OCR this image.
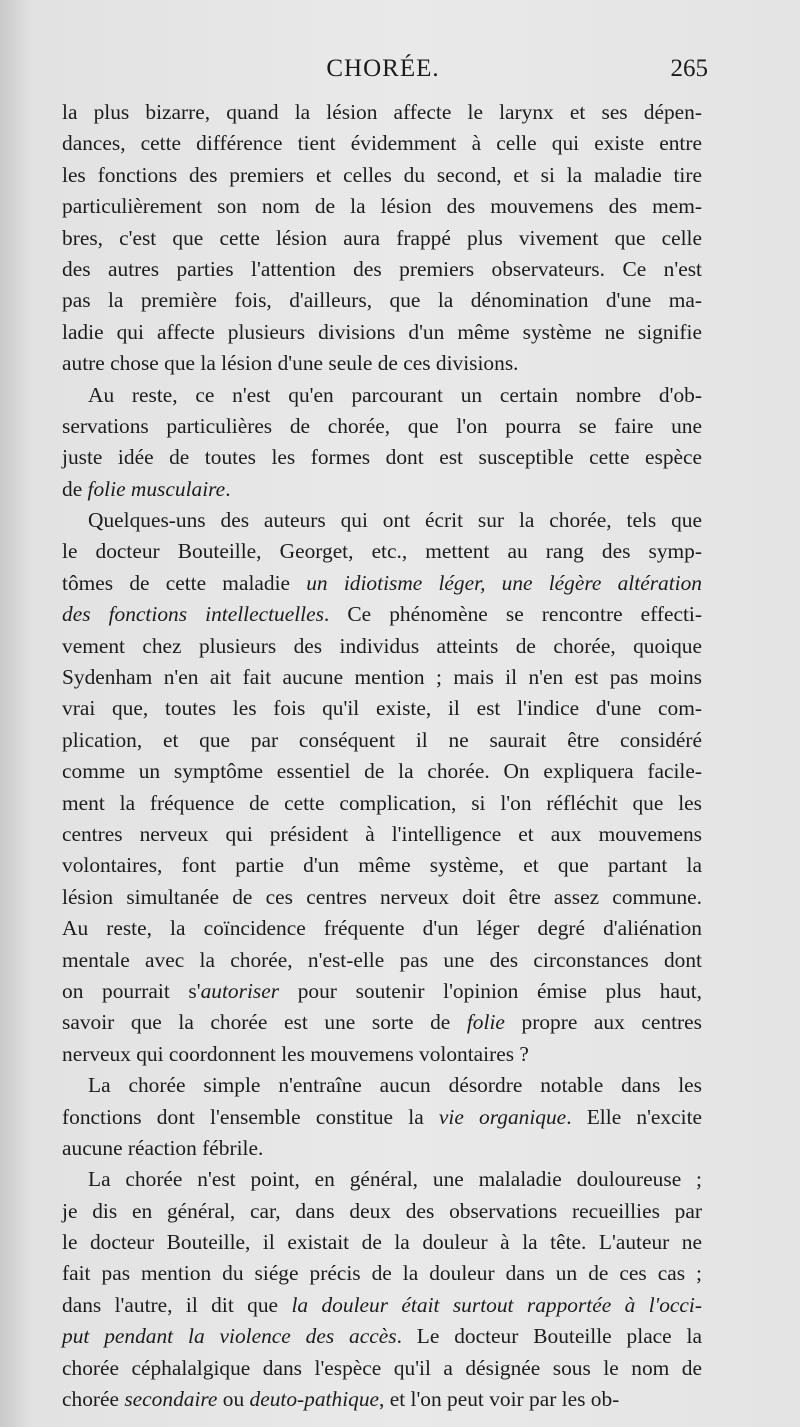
CHORÉE.	265
la plus bizarre, quand la lésion affecte le larynx et ses dépen-
dances, cette différence tient évidemment à celle qui existe entre
les fonctions des premiers et celles du second, et si la maladie tire
particulièrement son nom de la lésion des mouvemens des mem-
bres, c'est que cette lésion aura frappé plus vivement que celle
des autres parties l'attention des premiers observateurs. Ce n'est
pas la première fois, d'ailleurs, que la dénomination d'une ma-
ladie qui affecte plusieurs divisions d'un même système ne signifie
autre chose que la lésion d'une seule de ces divisions.
Au reste, ce n'est qu'en parcourant un certain nombre d'ob-
servations particulières de chorée, que l'on pourra se faire une
juste idée de toutes les formes dont est susceptible cette espèce
de folie musculaire.
Quelques-uns des auteurs qui ont écrit sur la chorée, tels que
le docteur Bouteille, Georget, etc., mettent au rang des symp-
tômes de cette maladie un idiotisme léger, une légère altération
des fonctions intellectuelles. Ce phénomène se rencontre effecti-
vement chez plusieurs des individus atteints de chorée, quoique
Sydenham n'en ait fait aucune mention ; mais il n'en est pas moins
vrai que, toutes les fois qu'il existe, il est l'indice d'une com-
plication, et que par conséquent il ne saurait être considéré
comme un symptôme essentiel de la chorée. On expliquera facile-
ment la fréquence de cette complication, si l'on réfléchit que les
centres nerveux qui président à l'intelligence et aux mouvemens
volontaires, font partie d'un même système, et que partant la
lésion simultanée de ces centres nerveux doit être assez commune.
Au reste, la coïncidence fréquente d'un léger degré d'aliénation
mentale avec la chorée, n'est-elle pas une des circonstances dont
on pourrait s'autoriser pour soutenir l'opinion émise plus haut,
savoir que la chorée est une sorte de folie propre aux centres
nerveux qui coordonnent les mouvemens volontaires ?
La chorée simple n'entraîne aucun désordre notable dans les
fonctions dont l'ensemble constitue la vie organique. Elle n'excite
aucune réaction fébrile.
La chorée n'est point, en général, une malaladie douloureuse ;
je dis en général, car, dans deux des observations recueillies par
le docteur Bouteille, il existait de la douleur à la tête. L'auteur ne
fait pas mention du siége précis de la douleur dans un de ces cas ;
dans l'autre, il dit que la douleur était surtout rapportée à l'occi-
put pendant la violence des accès. Le docteur Bouteille place la
chorée céphalalgique dans l'espèce qu'il a désignée sous le nom de
chorée secondaire ou deuto-pathique, et l'on peut voir par les ob-
